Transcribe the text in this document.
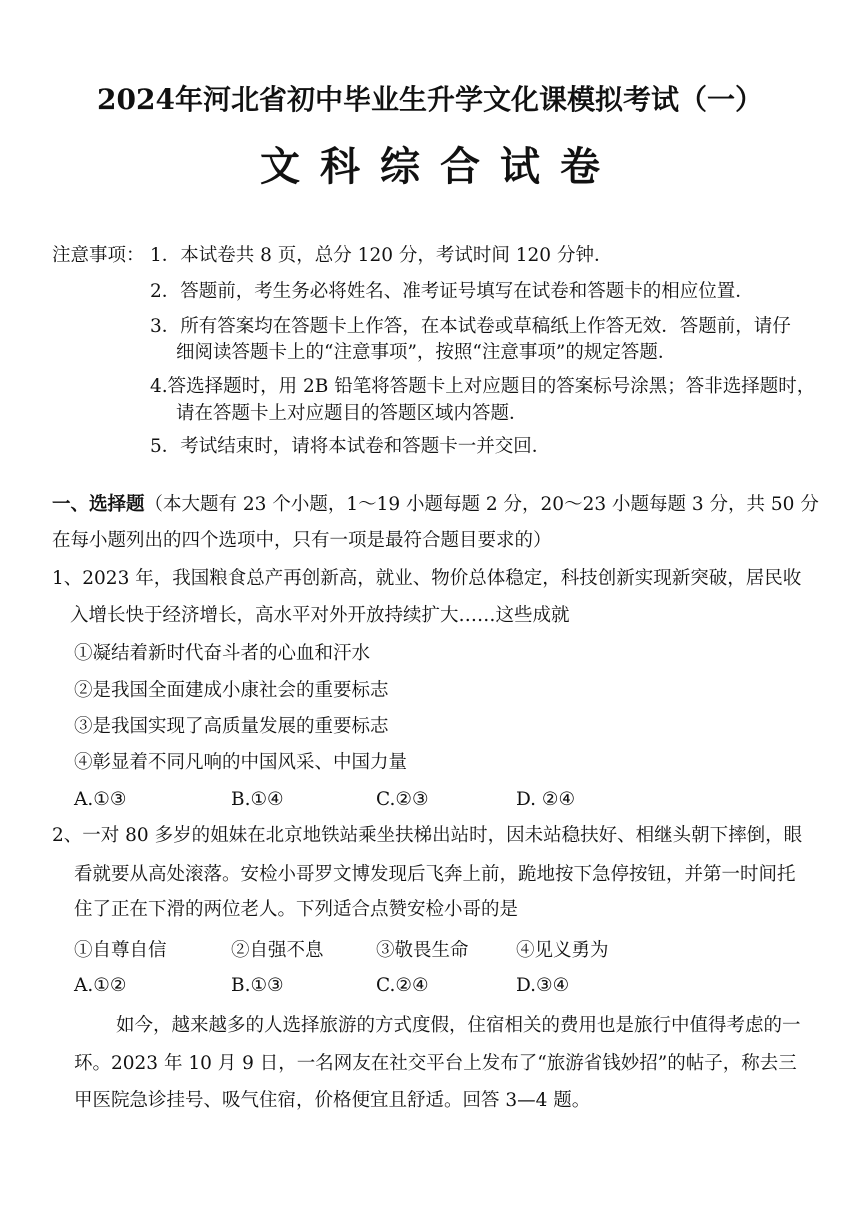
2024年河北省初中毕业生升学文化课模拟考试（一）
文科综合试卷
注意事项： 1．本试卷共 8 页，总分 120 分，考试时间 120 分钟．
2．答题前，考生务必将姓名、准考证号填写在试卷和答题卡的相应位置．
3．所有答案均在答题卡上作答，在本试卷或草稿纸上作答无效．答题前，请仔
细阅读答题卡上的“注意事项”，按照“注意事项”的规定答题．
4.答选择题时，用 2B 铅笔将答题卡上对应题目的答案标号涂黑；答非选择题时，
请在答题卡上对应题目的答题区域内答题．
5．考试结束时，请将本试卷和答题卡一并交回．
一、选择题（本大题有 23 个小题，1～19 小题每题 2 分，20～23 小题每题 3 分，共 50 分
在每小题列出的四个选项中，只有一项是最符合题目要求的）
1、2023 年，我国粮食总产再创新高，就业、物价总体稳定，科技创新实现新突破，居民收
入增长快于经济增长，高水平对外开放持续扩大……这些成就
①凝结着新时代奋斗者的心血和汗水
②是我国全面建成小康社会的重要标志
③是我国实现了高质量发展的重要标志
④彰显着不同凡响的中国风采、中国力量
A.①③	B.①④	C.②③	D. ②④
2、一对 80 多岁的姐妹在北京地铁站乘坐扶梯出站时，因未站稳扶好、相继头朝下摔倒，眼
看就要从高处滚落。安检小哥罗文博发现后飞奔上前，跪地按下急停按钮，并第一时间托
住了正在下滑的两位老人。下列适合点赞安检小哥的是
①自尊自信	②自强不息	③敬畏生命	④见义勇为
A.①②	B.①③	C.②④	D.③④
如今，越来越多的人选择旅游的方式度假，住宿相关的费用也是旅行中值得考虑的一
环。2023 年 10 月 9 日，一名网友在社交平台上发布了“旅游省钱妙招”的帖子，称去三
甲医院急诊挂号、吸气住宿，价格便宜且舒适。回答 3—4 题。
